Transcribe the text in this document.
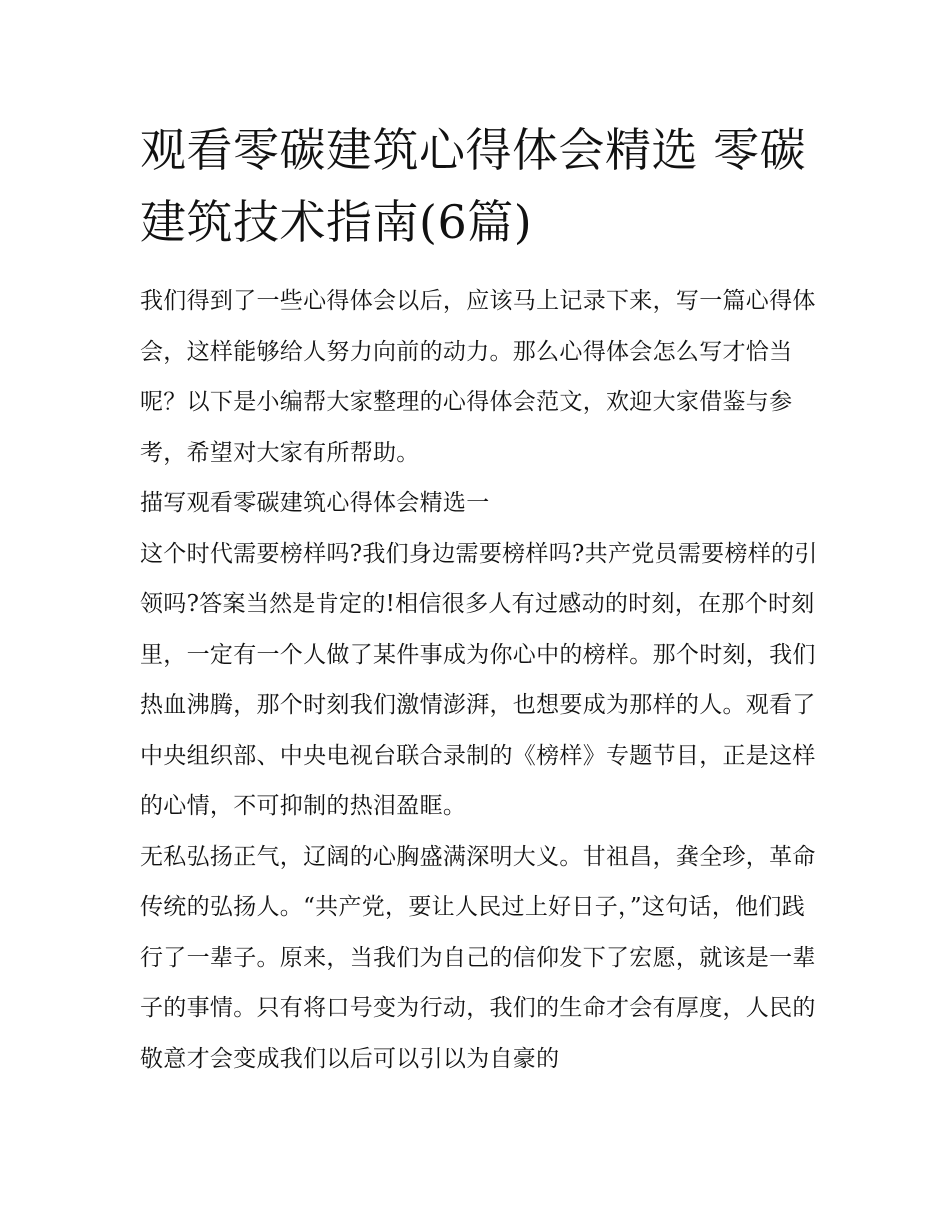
观看零碳建筑心得体会精选 零碳建筑技术指南(6篇)

我们得到了一些心得体会以后，应该马上记录下来，写一篇心得体会，这样能够给人努力向前的动力。那么心得体会怎么写才恰当呢？以下是小编帮大家整理的心得体会范文，欢迎大家借鉴与参考，希望对大家有所帮助。

描写观看零碳建筑心得体会精选一

这个时代需要榜样吗?我们身边需要榜样吗?共产党员需要榜样的引领吗?答案当然是肯定的!相信很多人有过感动的时刻，在那个时刻里，一定有一个人做了某件事成为你心中的榜样。那个时刻，我们热血沸腾，那个时刻我们激情澎湃，也想要成为那样的人。观看了中央组织部、中央电视台联合录制的《榜样》专题节目，正是这样的心情，不可抑制的热泪盈眶。

无私弘扬正气，辽阔的心胸盛满深明大义。甘祖昌，龚全珍，革命传统的弘扬人。“共产党，要让人民过上好日子，”这句话，他们践行了一辈子。原来，当我们为自己的信仰发下了宏愿，就该是一辈子的事情。只有将口号变为行动，我们的生命才会有厚度，人民的敬意才会变成我们以后可以引以为自豪的
